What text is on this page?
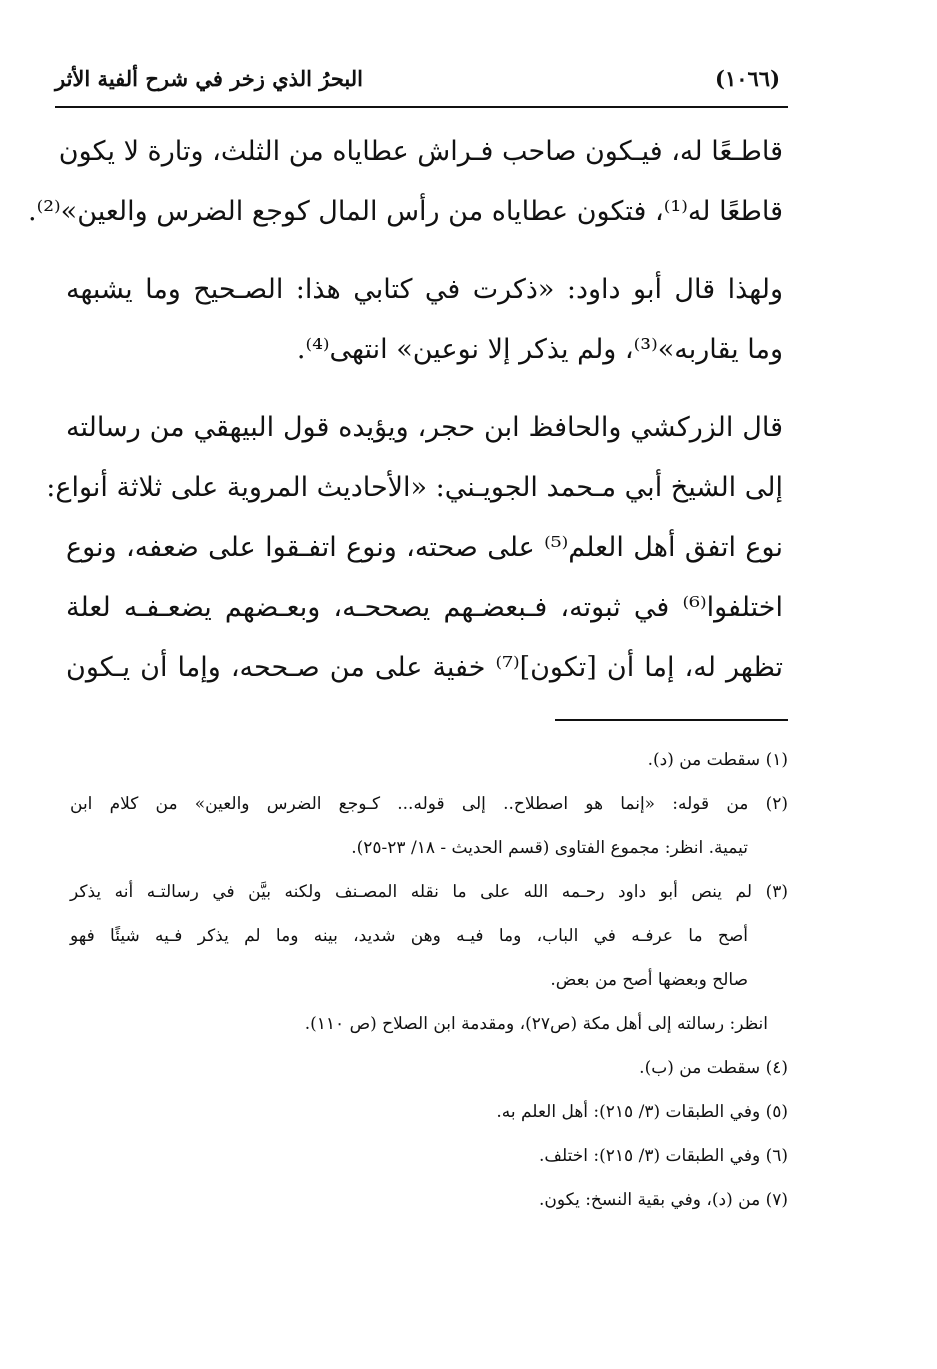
البحرُ الذي زخر في شرح ألفية الأثر	(١٠٦٦)
قاطـعًا له، فيـكون صاحب فـراش عطاياه من الثلث، وتارة لا يكون
قاطعًا له⁽¹⁾، فتكون عطاياه من رأس المال كوجع الضرس والعين»⁽²⁾.
ولهذا قال أبو داود: «ذكرت في كتابي هذا: الصـحيح وما يشبهه
وما يقاربه»⁽³⁾، ولم يذكر إلا نوعين» انتهى⁽⁴⁾.
قال الزركشي والحافظ ابن حجر، ويؤيده قول البيهقي من رسالته
إلى الشيخ أبي مـحمد الجويـني: «الأحاديث المروية على ثلاثة أنواع:
نوع اتفق أهل العلم⁽⁵⁾ على صحته، ونوع اتفـقوا على ضعفه، ونوع
اختلفوا⁽⁶⁾ في ثبوته، فـبعضـهم يصححـه، وبعـضهم يضعـفـه لعلة
تظهر له، إما أن [تكون]⁽⁷⁾ خفية على من صـححه، وإما أن يـكون
(١) سقطت من (د).
(٢) من قوله: «إنما هو اصطلاح.. إلى قوله... كـوجع الضرس والعين» من كلام ابن
تيمية. انظر: مجموع الفتاوى (قسم الحديث - ١٨/ ٢٣-٢٥).
(٣) لم ينص أبو داود رحـمه الله على ما نقله المصـنف ولكنه بيَّن في رسالتـه أنه يذكر
أصح ما عرفـه في الباب، وما فيـه وهن شديد، بينه وما لم يذكر فـيه شيئًا فهو
صالح وبعضها أصح من بعض.
انظر: رسالته إلى أهل مكة (ص٢٧)، ومقدمة ابن الصلاح (ص ١١٠).
(٤) سقطت من (ب).
(٥) وفي الطبقات (٣/ ٢١٥): أهل العلم به.
(٦) وفي الطبقات (٣/ ٢١٥): اختلف.
(٧) من (د)، وفي بقية النسخ: يكون.
